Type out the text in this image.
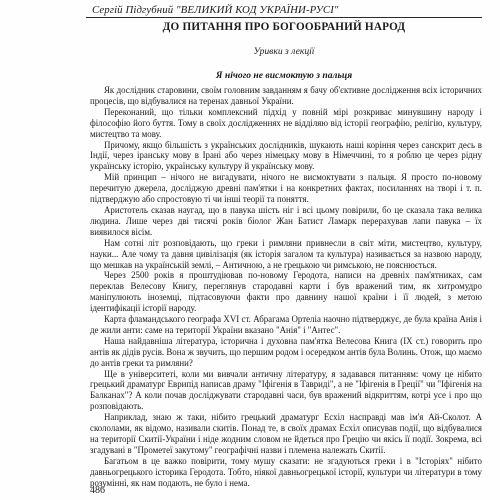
Сергій Підгубний "ВЕЛИКИЙ КОД УКРАЇНИ-РУСІ"
ДО ПИТАННЯ ПРО БОГООБРАНИЙ НАРОД
Уривки з лекції
Я нічого не висмоктую з пальця

Як дослідник старовини, своїм головним завданням я бачу об'єктивне дослідження всіх історичних процесів, що відбувалися на теренах давньої України.

Переконаний, що тільки комплексний підхід у повній мірі розкриває минувшину народу і філософію його буття. Тому в своїх дослідженнях не відділяю від історії географію, релігію, культуру, мистецтво та мову.

Причому, якщо більшість з українських дослідників, шукають наші коріння через санскрит десь в Індії, через іранську мову в Ірані або через німецьку мову в Німеччині, то я роблю це через рідну українську історію, українську культуру й українську мову.

Мій принцип – нічого не вигадувати, нічого не висмоктувати з пальця. Я просто по-новому перечитую джерела, досліджую древні пам'ятки і на конкретних фактах, посиланнях на творі і т. п. підтверджую або спростовую ті чи інші теорії та поняття.

Аристотель сказав наугад, що в павука шість ніг і всі цьому повірили, бо це сказала така велика людина. Лише через дві тисячі років біолог Жан Батист Ламарк перерахував лапи павука – їх виявилося вісім.

Нам сотні літ розповідають, що греки і римляни привнесли в світ міти, мистецтво, культуру, науки... Але чому та давня цивілізація (як історія загалом та культура) називається за назвою народу, що мешкав на українській землі, – Античною, а не грецькою чи римською, не пояснюється.

Через 2500 років я проштудіював по-новому Геродота, написи на древніх пам'ятниках, сам переклав Велесову Книгу, переглянув стародавні карти і був вражений тим, як хитромудро маніпулюють іноземці, підтасовуючи факти про давнину нашої країни і її людей, з метою ідентифікації історії народу.

Карта фламандського географа XVI ст. Абрагама Ортеліа наочно підтверджує, де була країна Анія і де жили анти: саме на території України вказано "Анія" і "Антес".

Наша найдавніша література, історична і духовна пам'ятка Велесова Книга (IX ст.) говорить про антів як дідів русів. Вона ж звучить, що першим родом і осередком антів була Волинь. Отож, що маємо до антів греки та римляни?

Ще в університеті, коли ми вивчали античну літературу, я задавався питанням: чому це нібито грецький драматург Еврипід написав драму "Іфігенія в Тавриді", а не "Іфігенія в Греції" чи "Іфігенія на Балканах"? А коли почав досліджувати стародавні часи, був вражений відкриттям, котрі усе і про що розповідають.

Наприклад, знаю ж таки, нібито грецький драматург Есхіл насправді мав ім'я Ай-Сколот. А скололами, як відомо, називали скитів. Понад те, в своїх драмах Есхіл описував події, що відбувалися на території Скитії-України і ніде жодним словом не йдеться про Грецію чи якісь її події. Зокрема, всі згадувані в "Прометеї закутому" географічні назви і племена належать Скитії.

Багатьом в це важко повірити, тому мушу сказати: не згадуються греки і в "Історіях" нібито давньогрецького історика Геродота. Тобто, ніякої давньогрецької історії, культури чи літератури в тому розумінні, як нам подають, не було і нема.

486
